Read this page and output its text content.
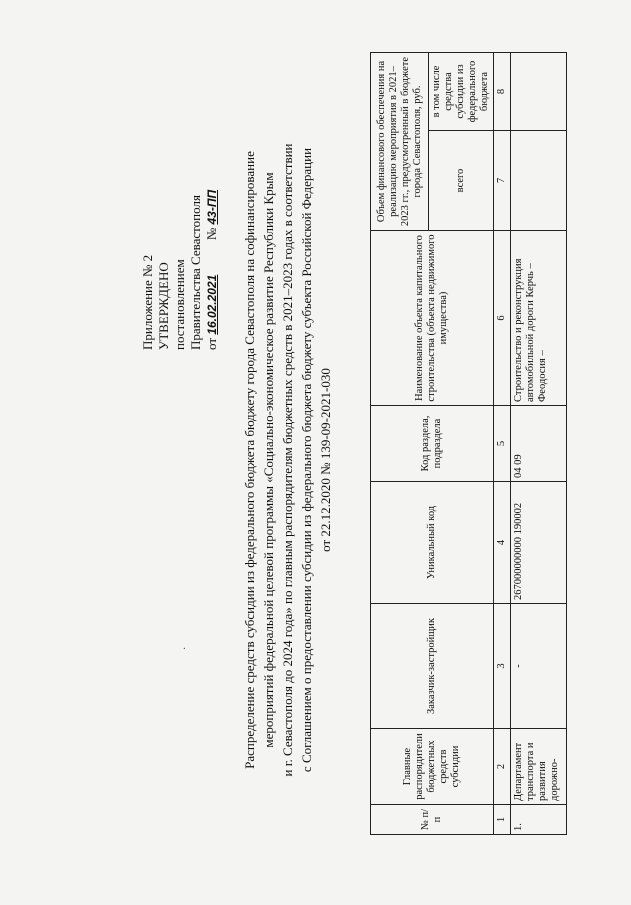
Приложение № 2 УТВЕРЖДЕНО постановлением Правительства Севастополя от 16.02.2021  № 43-ПП Распределение средств субсидии из федерального бюджета бюджету города Севастополя на софинансирование мероприятий федеральной целевой программы «Социально-экономическое развитие Республики Крым и г. Севастополя до 2024 года» по главным распорядителям бюджетных средств в 2021–2023 годах в соответствии с Соглашением о предоставлении субсидии из федерального бюджета бюджету субъекта Российской Федерации от 22.12.2020 № 139-09-2021-030
№ п/п	Главные распорядители бюджетных средств субсидии	Заказчик-застройщик	Уникальный код	Код раздела, подраздела	Наименование объекта капитального строительства (объекта недвижимого имущества)	Объем финансового обеспечения на реализацию мероприятия в 2021–2023 гг., предусмотренный в бюджете города Севастополя, руб.	
						всего	в том числе средства субсидии из федерального бюджета
1	2	3	4	5	6	7	8
1.	Департамент транспорта и развития дорожно-	-	267000000000 190002	04 09	Строительство и реконструкция автомобильной дороги Керчь – Феодосия –		
·
